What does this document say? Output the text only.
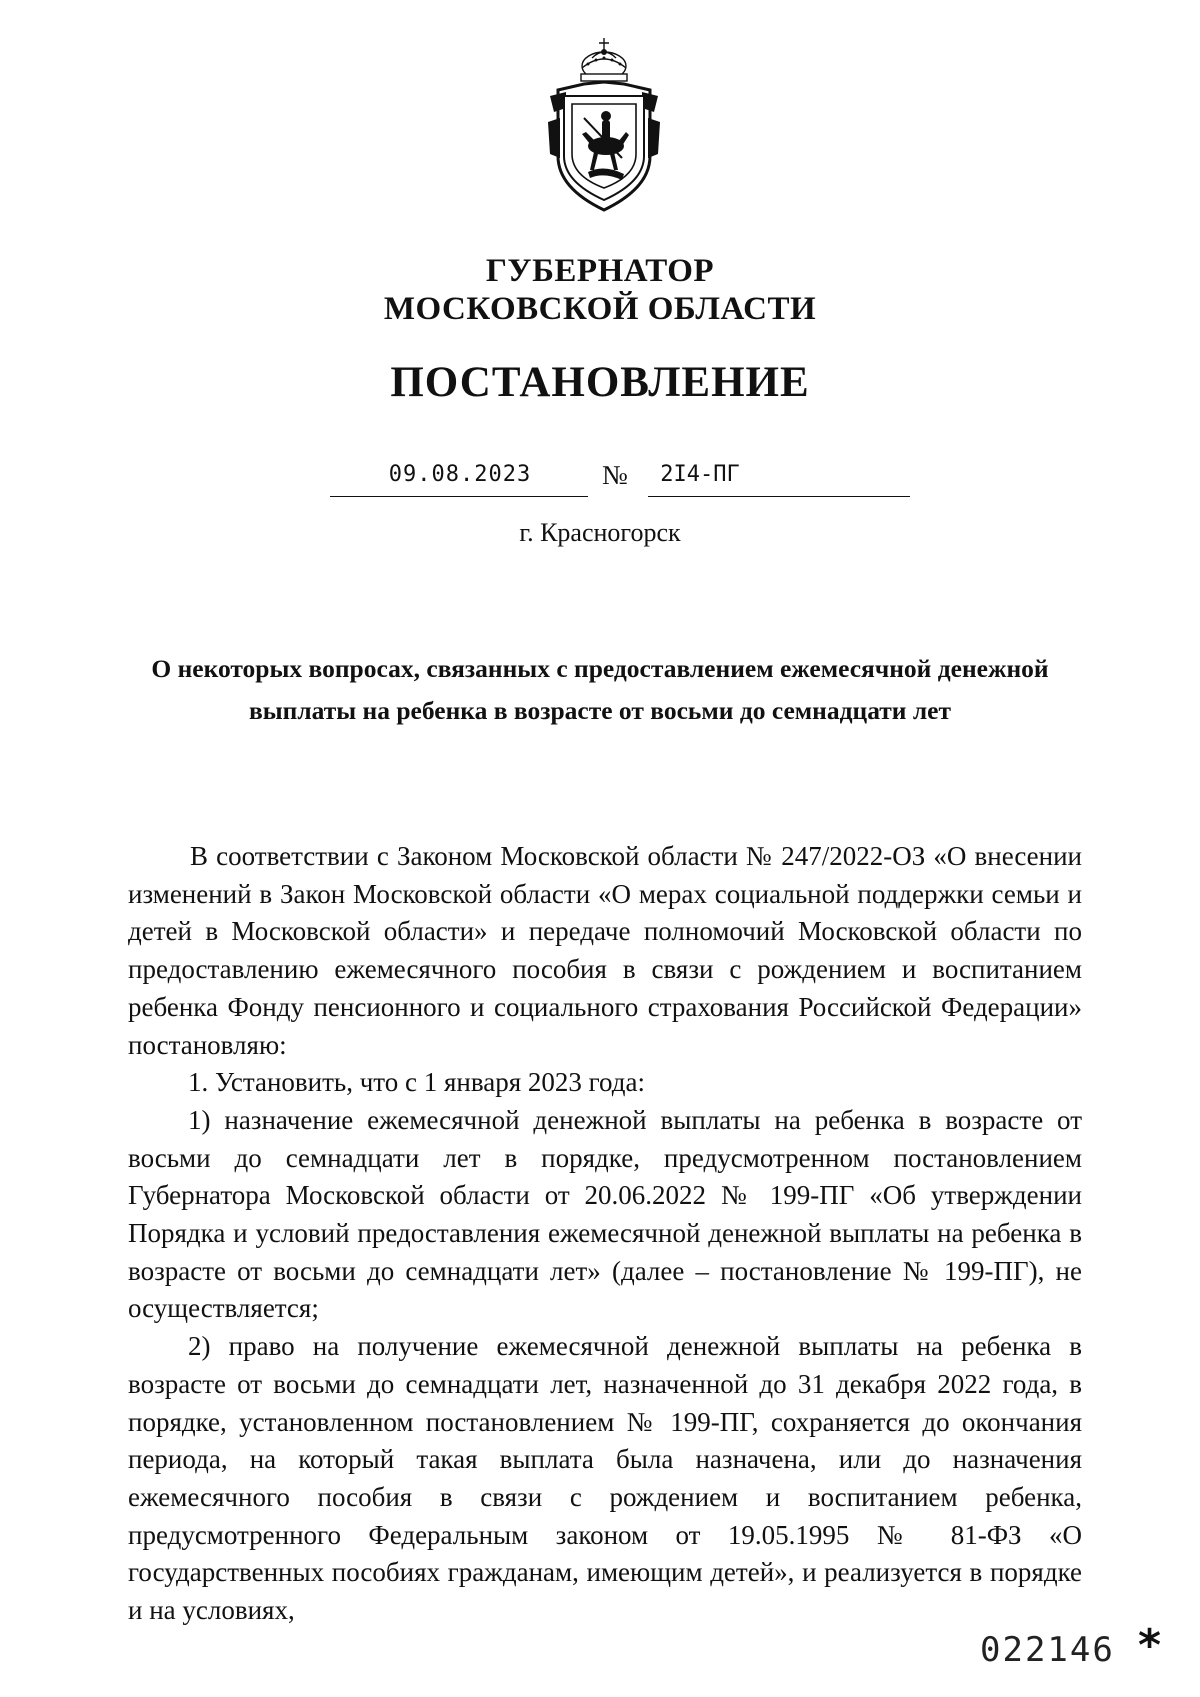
ГУБЕРНАТОР
МОСКОВСКОЙ ОБЛАСТИ
ПОСТАНОВЛЕНИЕ
09.08.2023	№	2I4-ПГ
г. Красногорск
О некоторых вопросах, связанных с предоставлением ежемесячной денежной выплаты на ребенка в возрасте от восьми до семнадцати лет

В соответствии с Законом Московской области № 247/2022-ОЗ «О внесении изменений в Закон Московской области «О мерах социальной поддержки семьи и детей в Московской области» и передаче полномочий Московской области по предоставлению ежемесячного пособия в связи с рождением и воспитанием ребенка Фонду пенсионного и социального страхования Российской Федерации» постановляю:

1. Установить, что с 1 января 2023 года:

1) назначение ежемесячной денежной выплаты на ребенка в возрасте от восьми до семнадцати лет в порядке, предусмотренном постановлением Губернатора Московской области от 20.06.2022 № 199-ПГ «Об утверждении Порядка и условий предоставления ежемесячной денежной выплаты на ребенка в возрасте от восьми до семнадцати лет» (далее – постановление № 199-ПГ), не осуществляется;

2) право на получение ежемесячной денежной выплаты на ребенка в возрасте от восьми до семнадцати лет, назначенной до 31 декабря 2022 года, в порядке, установленном постановлением № 199-ПГ, сохраняется до окончания периода, на который такая выплата была назначена, или до назначения ежемесячного пособия в связи с рождением и воспитанием ребенка, предусмотренного Федеральным законом от 19.05.1995 № 81-ФЗ «О государственных пособиях гражданам, имеющим детей», и реализуется в порядке и на условиях,

022146 *
